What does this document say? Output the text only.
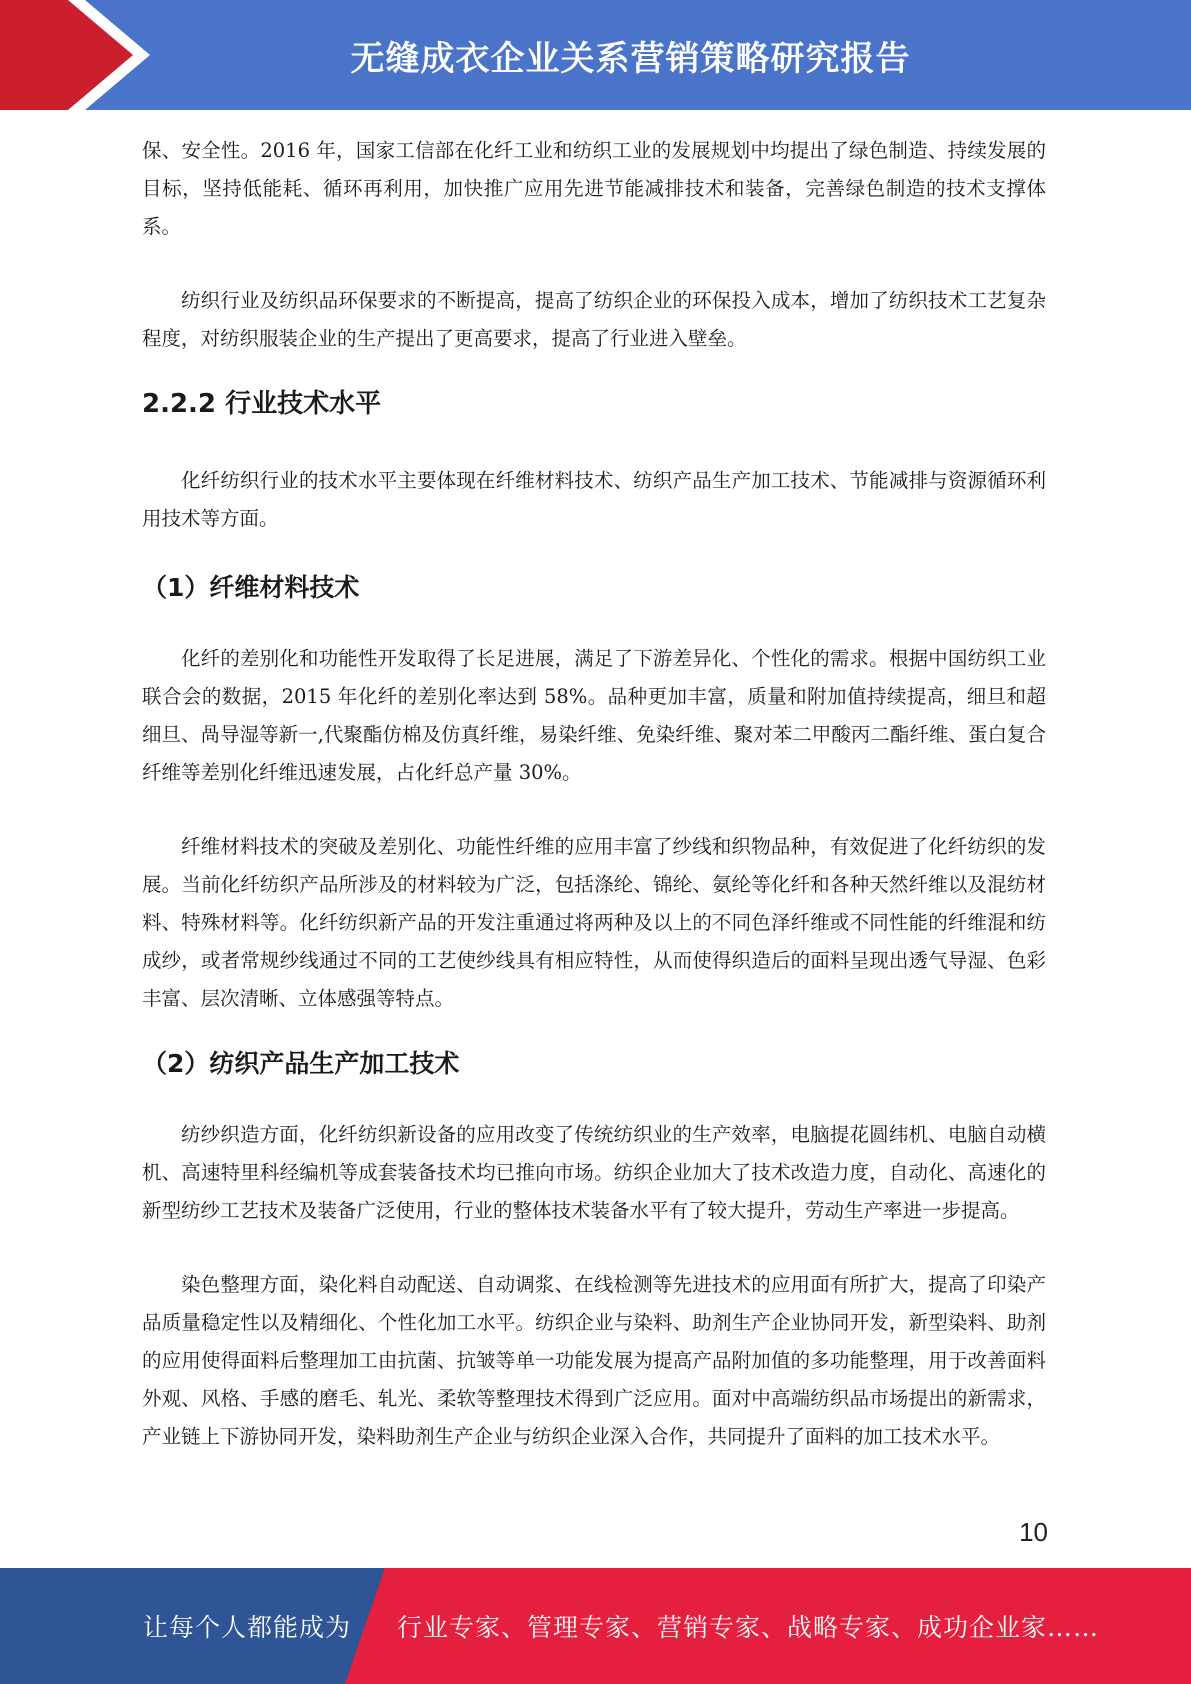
无缝成衣企业关系营销策略研究报告

保、安全性。2016 年，国家工信部在化纤工业和纺织工业的发展规划中均提出了绿色制造、持续发展的目标，坚持低能耗、循环再利用，加快推广应用先进节能减排技术和装备，完善绿色制造的技术支撑体系。

纺织行业及纺织品环保要求的不断提高，提高了纺织企业的环保投入成本，增加了纺织技术工艺复杂程度，对纺织服装企业的生产提出了更高要求，提高了行业进入壁垒。

2.2.2 行业技术水平

化纤纺织行业的技术水平主要体现在纤维材料技术、纺织产品生产加工技术、节能减排与资源循环利用技术等方面。

（1）纤维材料技术

化纤的差别化和功能性开发取得了长足进展，满足了下游差异化、个性化的需求。根据中国纺织工业联合会的数据，2015 年化纤的差别化率达到 58%。品种更加丰富，质量和附加值持续提高，细旦和超细旦、咼导湿等新一,代聚酯仿棉及仿真纤维，易染纤维、免染纤维、聚对苯二甲酸丙二酯纤维、蛋白复合纤维等差别化纤维迅速发展，占化纤总产量 30%。

纤维材料技术的突破及差别化、功能性纤维的应用丰富了纱线和织物品种，有效促进了化纤纺织的发展。当前化纤纺织产品所涉及的材料较为广泛，包括涤纶、锦纶、氨纶等化纤和各种天然纤维以及混纺材料、特殊材料等。化纤纺织新产品的开发注重通过将两种及以上的不同色泽纤维或不同性能的纤维混和纺成纱，或者常规纱线通过不同的工艺使纱线具有相应特性，从而使得织造后的面料呈现出透气导湿、色彩丰富、层次清晰、立体感强等特点。

（2）纺织产品生产加工技术

纺纱织造方面，化纤纺织新设备的应用改变了传统纺织业的生产效率，电脑提花圆纬机、电脑自动横机、高速特里科经编机等成套装备技术均已推向市场。纺织企业加大了技术改造力度，自动化、高速化的新型纺纱工艺技术及装备广泛使用，行业的整体技术装备水平有了较大提升，劳动生产率进一步提高。

染色整理方面，染化料自动配送、自动调浆、在线检测等先进技术的应用面有所扩大，提高了印染产品质量稳定性以及精细化、个性化加工水平。纺织企业与染料、助剂生产企业协同开发，新型染料、助剂的应用使得面料后整理加工由抗菌、抗皱等单一功能发展为提高产品附加值的多功能整理，用于改善面料外观、风格、手感的磨毛、轧光、柔软等整理技术得到广泛应用。面对中高端纺织品市场提出的新需求，产业链上下游协同开发，染料助剂生产企业与纺织企业深入合作，共同提升了面料的加工技术水平。

10
让每个人都能成为 行业专家、管理专家、营销专家、战略专家、成功企业家……
